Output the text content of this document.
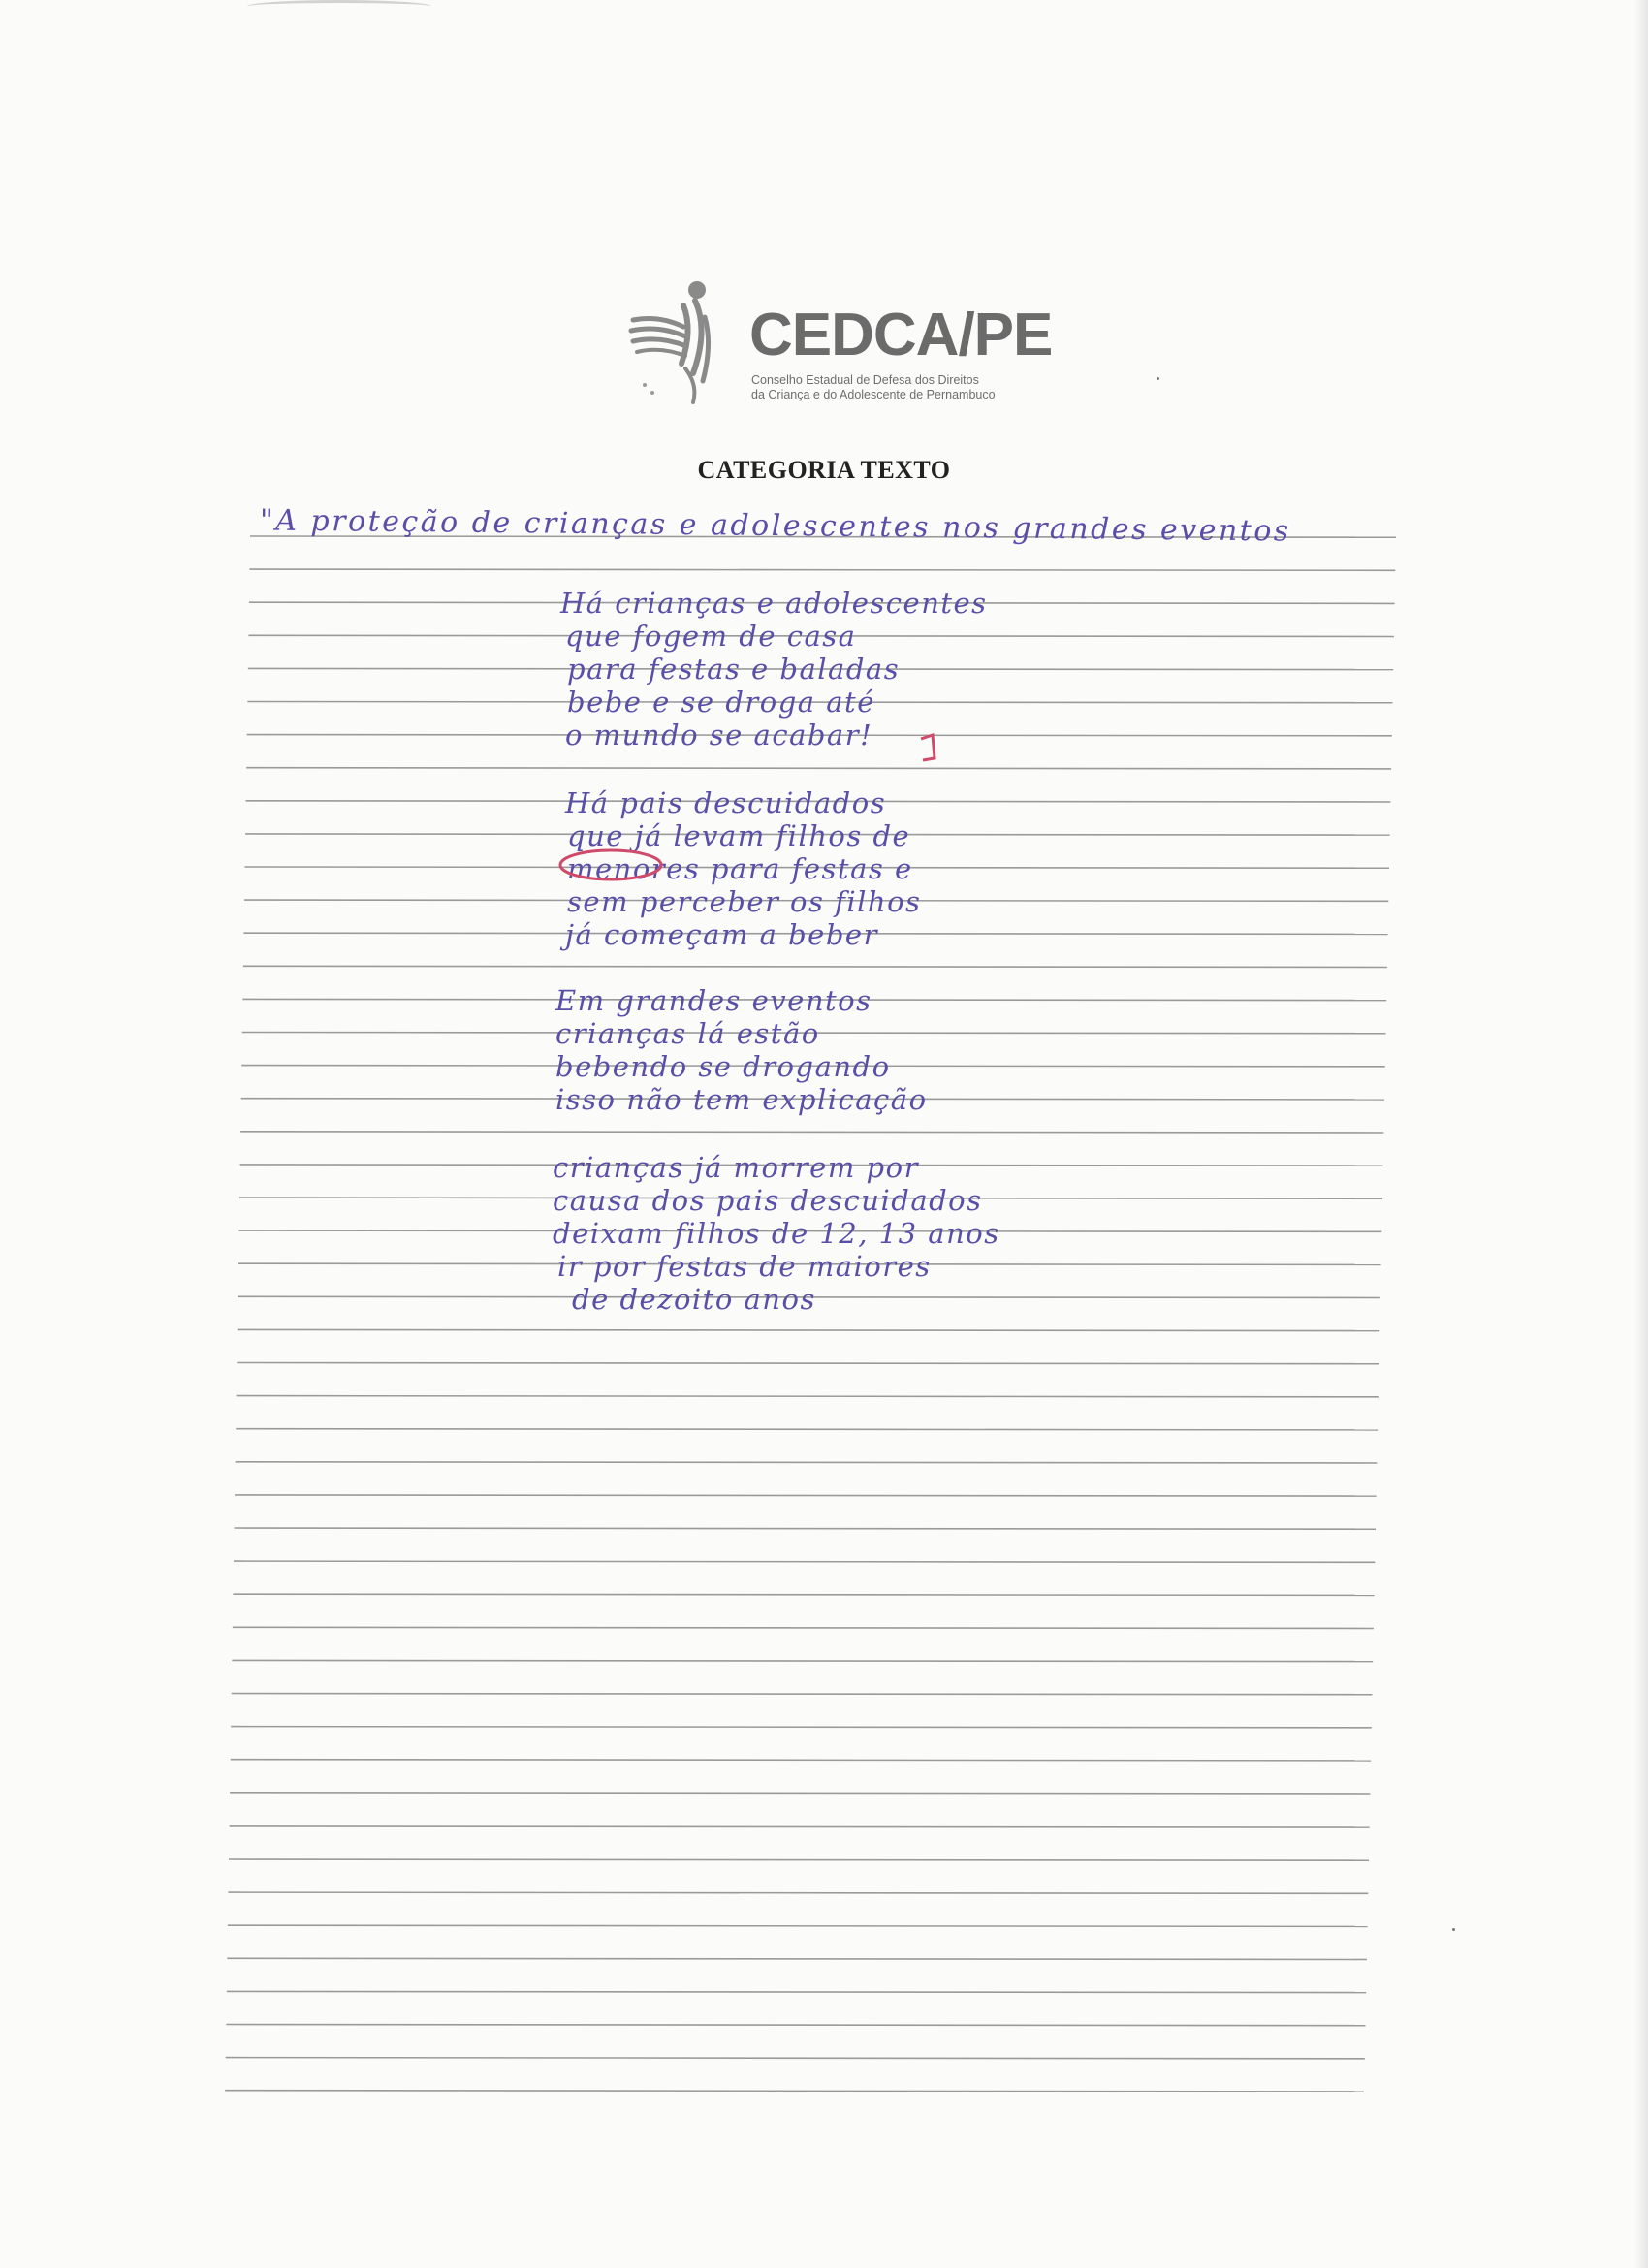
CEDCA/PE
Conselho Estadual de Defesa dos Direitos
da Criança e do Adolescente de Pernambuco
CATEGORIA TEXTO
"A proteção de crianças e adolescentes nos grandes eventos
Há crianças e adolescentes
que fogem de casa
para festas e baladas
bebe e se droga até
o mundo se acabar!
Há pais descuidados
que já levam filhos de
menores para festas e
sem perceber os filhos
já começam a beber
Em grandes eventos
crianças lá estão
bebendo se drogando
isso não tem explicação
crianças já morrem por
causa dos pais descuidados
deixam filhos de 12, 13 anos
ir por festas de maiores
de dezoito anos
